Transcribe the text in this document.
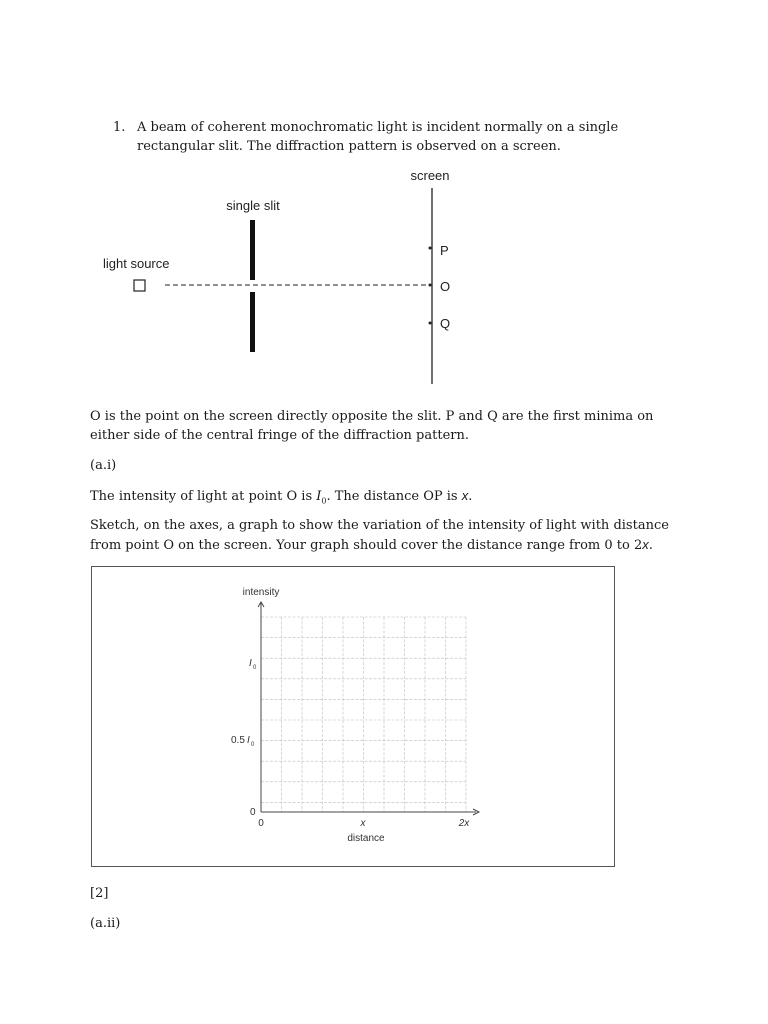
1. A beam of coherent monochromatic light is incident normally on a single
rectangular slit. The diffraction pattern is observed on a screen.
screen
single slit
light source
P
O
Q
O is the point on the screen directly opposite the slit. P and Q are the first minima on
either side of the central fringe of the diffraction pattern.
(a.i)
The intensity of light at point O is $I_0$. The distance OP is x.
Sketch, on the axes, a graph to show the variation of the intensity of light with distance
from point O on the screen. Your graph should cover the distance range from 0 to 2x.
intensity
distance
I 0
0.5 I 0
0
0	x	2x
[2]
(a.ii)
